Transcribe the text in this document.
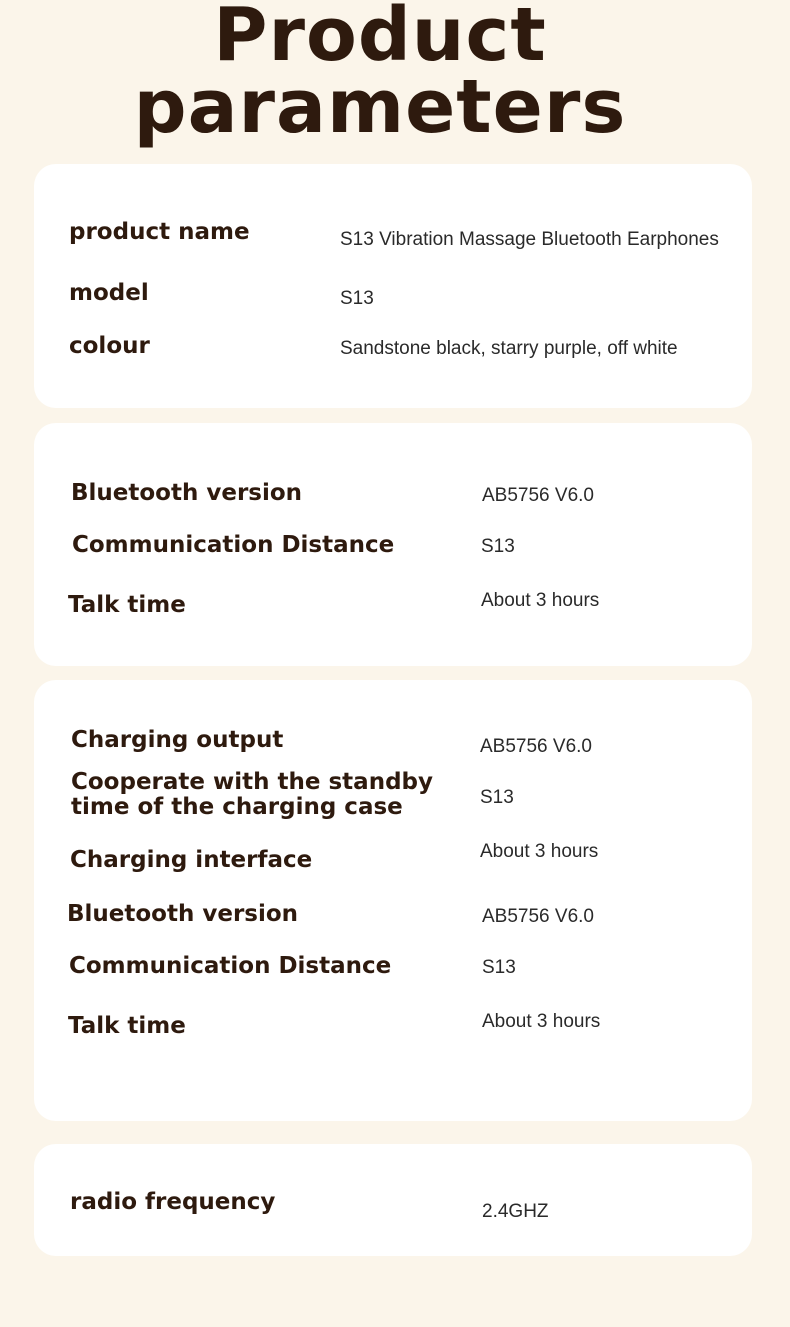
Product
parameters
product name	S13 Vibration Massage Bluetooth Earphones
model	S13
colour	Sandstone black, starry purple, off white
Bluetooth version	AB5756 V6.0
Communication Distance	S13
Talk time	About 3 hours
Charging output	AB5756 V6.0
Cooperate with the standby
time of the charging case	S13
Charging interface	About 3 hours
Bluetooth version	AB5756 V6.0
Communication Distance	S13
Talk time	About 3 hours
radio frequency	2.4GHZ
